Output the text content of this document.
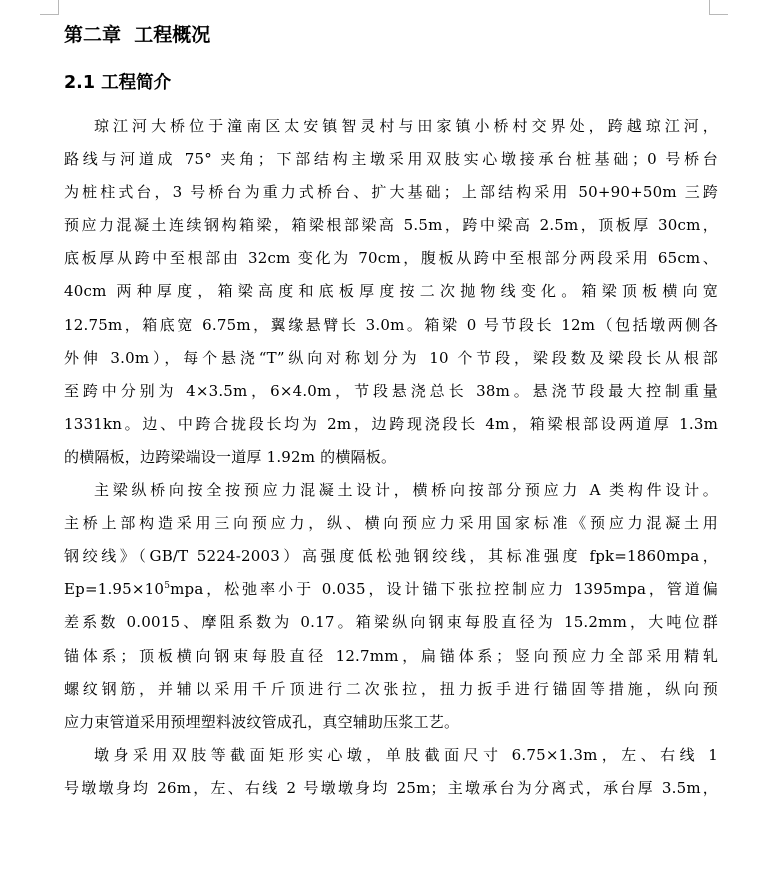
第二章  工程概况
2.1 工程简介
琼江河大桥位于潼南区太安镇智灵村与田家镇小桥村交界处，跨越琼江河，
路线与河道成 75° 夹角；下部结构主墩采用双肢实心墩接承台桩基础；0 号桥台
为桩柱式台，3 号桥台为重力式桥台、扩大基础；上部结构采用 50+90+50m 三跨
预应力混凝土连续钢构箱梁，箱梁根部梁高 5.5m，跨中梁高 2.5m，顶板厚 30cm，
底板厚从跨中至根部由 32cm 变化为 70cm，腹板从跨中至根部分两段采用 65cm、
40cm 两种厚度，箱梁高度和底板厚度按二次抛物线变化。箱梁顶板横向宽
12.75m，箱底宽 6.75m，翼缘悬臂长 3.0m。箱梁 0 号节段长 12m（包括墩两侧各
外伸 3.0m），每个悬浇“T”纵向对称划分为 10 个节段，梁段数及梁段长从根部
至跨中分别为 4×3.5m，6×4.0m，节段悬浇总长 38m。悬浇节段最大控制重量
1331kn。边、中跨合拢段长均为 2m，边跨现浇段长 4m，箱梁根部设两道厚 1.3m
的横隔板，边跨梁端设一道厚 1.92m 的横隔板。
主梁纵桥向按全按预应力混凝土设计，横桥向按部分预应力 A 类构件设计。
主桥上部构造采用三向预应力，纵、横向预应力采用国家标准《预应力混凝土用
钢绞线》（GB/T 5224-2003）高强度低松弛钢绞线，其标准强度 fpk=1860mpa，
$Ep=1.95\times 10^5mpa$，松弛率小于 0.035，设计锚下张拉控制应力 1395mpa，管道偏
差系数 0.0015、摩阻系数为 0.17。箱梁纵向钢束每股直径为 15.2mm，大吨位群
锚体系；顶板横向钢束每股直径 12.7mm，扁锚体系；竖向预应力全部采用精轧
螺纹钢筋，并辅以采用千斤顶进行二次张拉，扭力扳手进行锚固等措施，纵向预
应力束管道采用预埋塑料波纹管成孔，真空辅助压浆工艺。
墩身采用双肢等截面矩形实心墩，单肢截面尺寸 6.75×1.3m，左、右线 1
号墩墩身均 26m，左、右线 2 号墩墩身均 25m；主墩承台为分离式，承台厚 3.5m，
